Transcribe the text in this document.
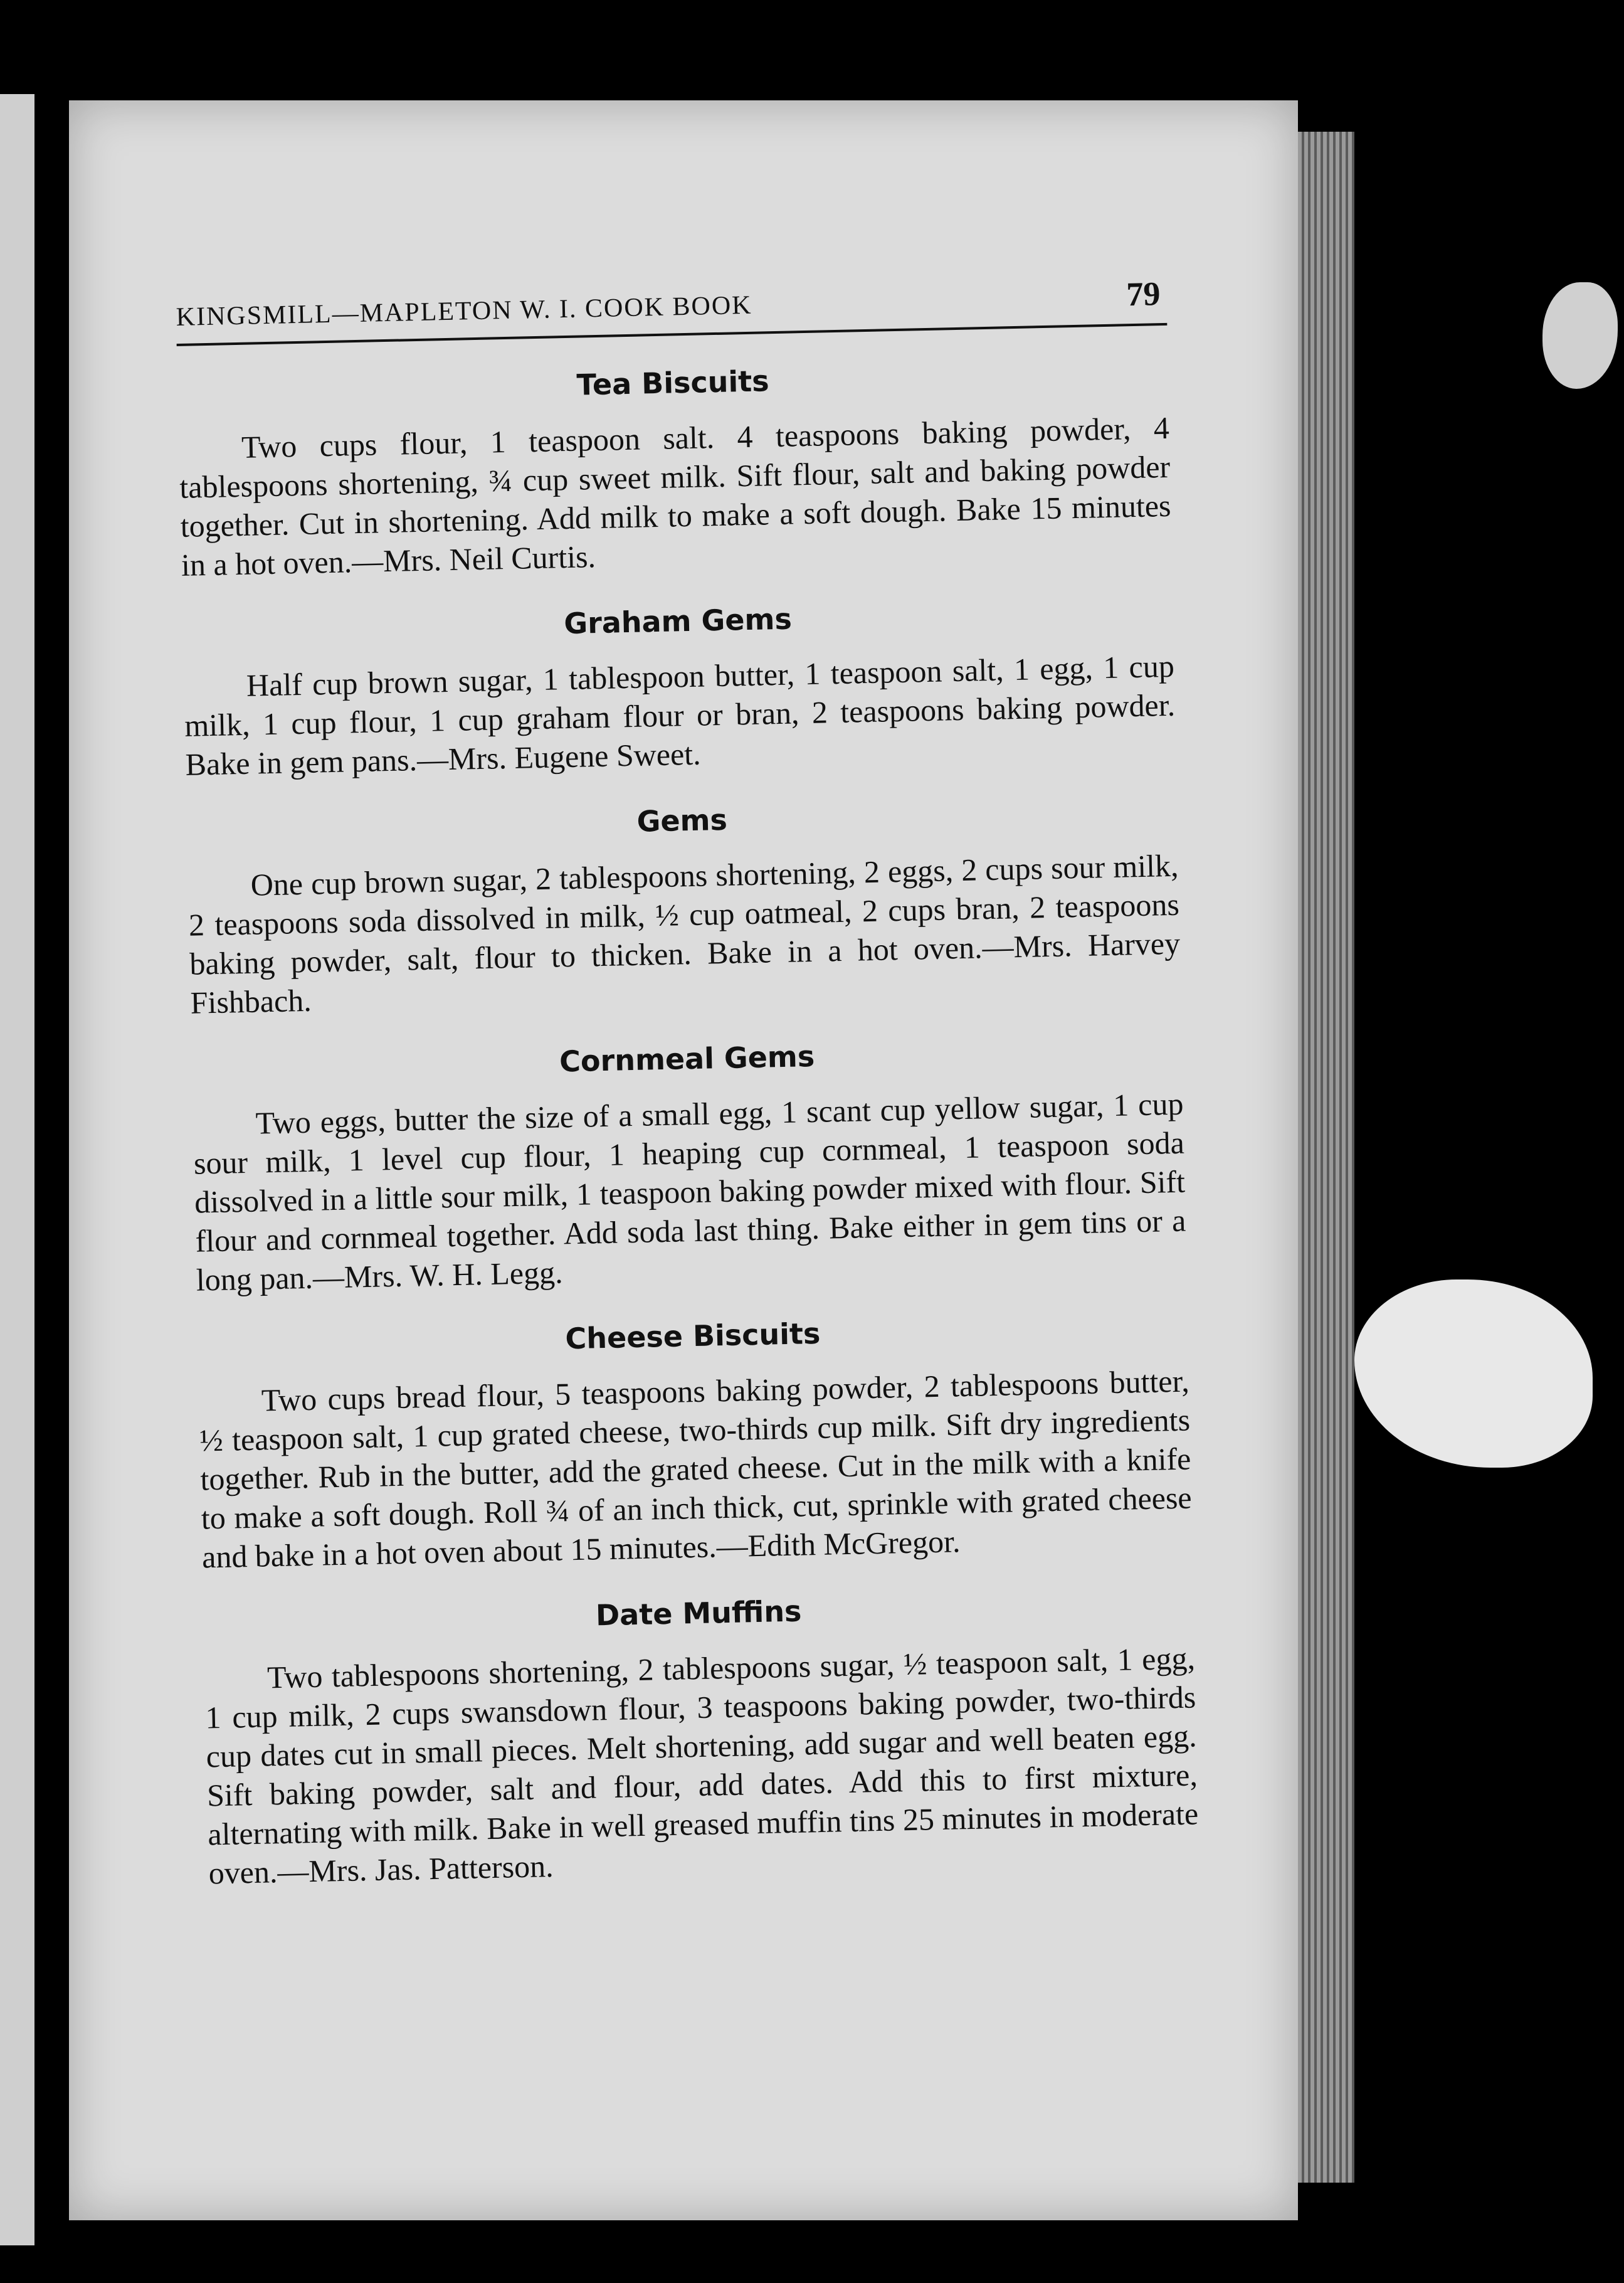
KINGSMILL—MAPLETON W. I. COOK BOOK	79
Tea Biscuits
Two cups flour, 1 teaspoon salt. 4 teaspoons baking powder, 4 tablespoons shortening, ¾ cup sweet milk. Sift flour, salt and baking powder together. Cut in shortening. Add milk to make a soft dough. Bake 15 minutes in a hot oven.—Mrs. Neil Curtis.
Graham Gems
Half cup brown sugar, 1 tablespoon butter, 1 teaspoon salt, 1 egg, 1 cup milk, 1 cup flour, 1 cup graham flour or bran, 2 teaspoons baking powder. Bake in gem pans.—Mrs. Eugene Sweet.
Gems
One cup brown sugar, 2 tablespoons shortening, 2 eggs, 2 cups sour milk, 2 teaspoons soda dissolved in milk, ½ cup oatmeal, 2 cups bran, 2 teaspoons baking powder, salt, flour to thicken. Bake in a hot oven.—Mrs. Harvey Fishbach.
Cornmeal Gems
Two eggs, butter the size of a small egg, 1 scant cup yellow sugar, 1 cup sour milk, 1 level cup flour, 1 heaping cup cornmeal, 1 teaspoon soda dissolved in a little sour milk, 1 teaspoon baking powder mixed with flour. Sift flour and cornmeal together. Add soda last thing. Bake either in gem tins or a long pan.—Mrs. W. H. Legg.
Cheese Biscuits
Two cups bread flour, 5 teaspoons baking powder, 2 tablespoons butter, ½ teaspoon salt, 1 cup grated cheese, two-thirds cup milk. Sift dry ingredients together. Rub in the butter, add the grated cheese. Cut in the milk with a knife to make a soft dough. Roll ¾ of an inch thick, cut, sprinkle with grated cheese and bake in a hot oven about 15 minutes.—Edith McGregor.
Date Muffins
Two tablespoons shortening, 2 tablespoons sugar, ½ teaspoon salt, 1 egg, 1 cup milk, 2 cups swansdown flour, 3 teaspoons baking powder, two-thirds cup dates cut in small pieces. Melt shortening, add sugar and well beaten egg. Sift baking powder, salt and flour, add dates. Add this to first mixture, alternating with milk. Bake in well greased muffin tins 25 minutes in moderate oven.—Mrs. Jas. Patterson.
